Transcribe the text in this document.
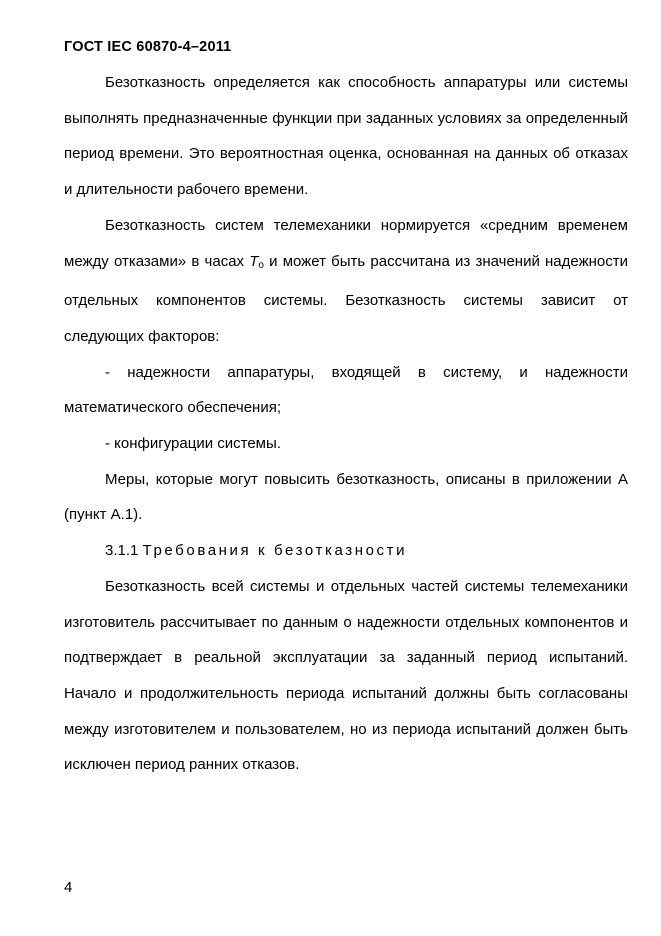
ГОСТ IEC 60870-4–2011

Безотказность определяется как способность аппаратуры или системы выполнять предназначенные функции при заданных условиях за определенный период времени. Это вероятностная оценка, основанная на данных об отказах и длительности рабочего времени.

Безотказность систем телемеханики нормируется «средним временем между отказами» в часах $T_o$ и может быть рассчитана из значений надежности отдельных компонентов системы. Безотказность системы зависит от следующих факторов:

- надежности аппаратуры, входящей в систему, и надежности математического обеспечения;

- конфигурации системы.

Меры, которые могут повысить безотказность, описаны в приложении А (пункт А.1).

3.1.1 Требования к безотказности

Безотказность всей системы и отдельных частей системы телемеханики изготовитель рассчитывает по данным о надежности отдельных компонентов и подтверждает в реальной эксплуатации за заданный период испытаний. Начало и продолжительность периода испытаний должны быть согласованы между изготовителем и пользователем, но из периода испытаний должен быть исключен период ранних отказов.

4
